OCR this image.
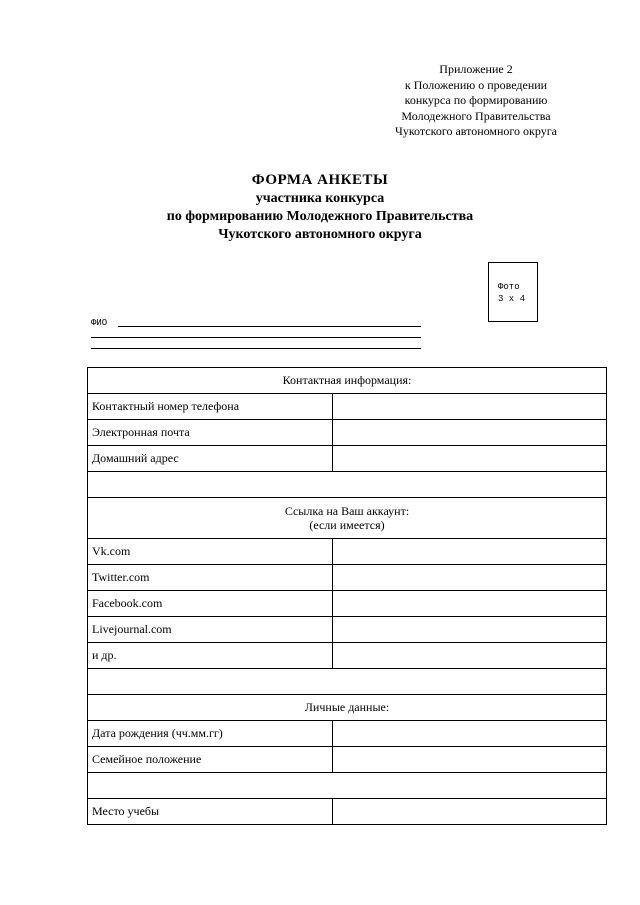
Приложение 2
к Положению о проведении
конкурса по формированию
Молодежного Правительства
Чукотского автономного округа
ФОРМА АНКЕТЫ
участника конкурса
по формированию Молодежного Правительства
Чукотского автономного округа
Фото
3 х 4
ФИО
Контактная информация:	
Контактный номер телефона	
Электронная почта	
Домашний адрес	

Ссылка на Ваш аккаунт:
(если имеется)	

Vk.com	
Twitter.com	
Facebook.com	
Livejournal.com	
и др.	

Личные данные:	
Дата рождения (чч.мм.гг)	
Семейное положение	

Место учебы	
